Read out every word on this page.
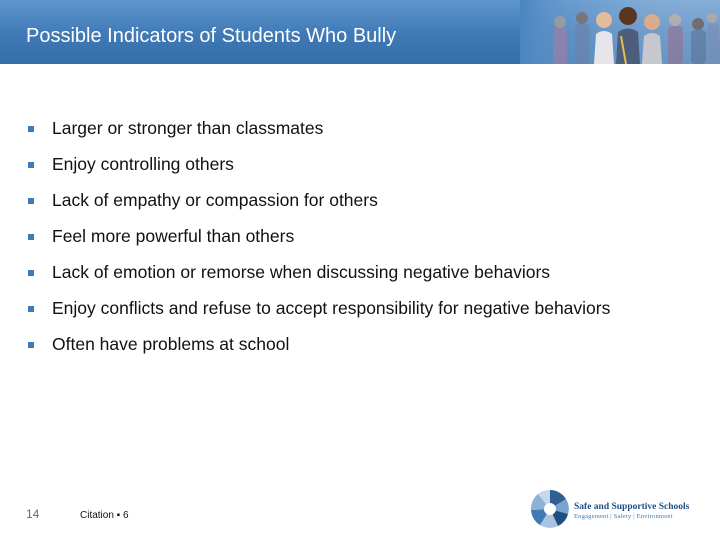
Possible Indicators of Students Who Bully
Larger or stronger than classmates
Enjoy controlling others
Lack of empathy or compassion for others
Feel more powerful than others
Lack of emotion or remorse when discussing negative behaviors
Enjoy conflicts and refuse to accept responsibility for negative behaviors
Often have problems at school
14	Citation ▪ 6
Safe and Supportive Schools
Engagement | Safety | Environment
